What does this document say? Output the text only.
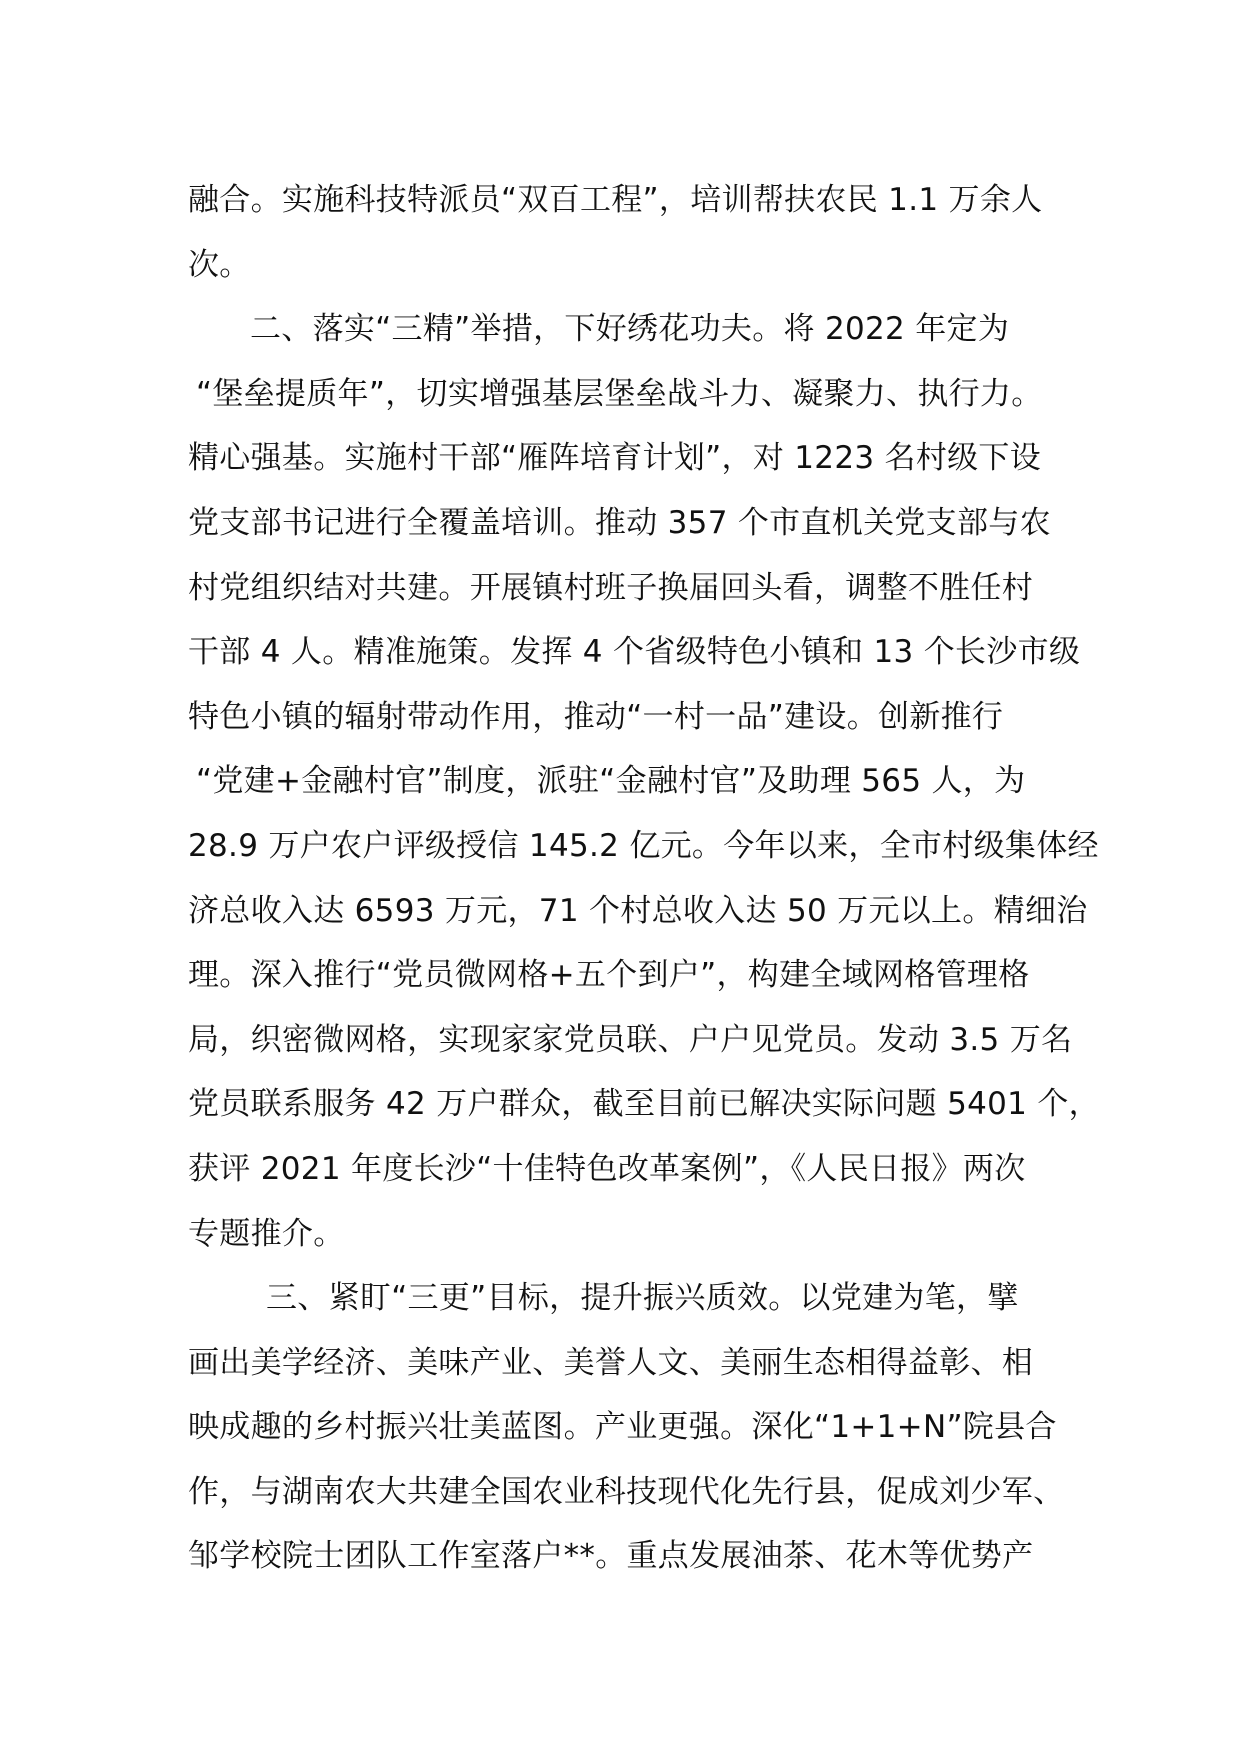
融合。实施科技特派员“双百工程”，培训帮扶农民 1.1 万余人
次。
二、落实“三精”举措，下好绣花功夫。将 2022 年定为
“堡垒提质年”，切实增强基层堡垒战斗力、凝聚力、执行力。
精心强基。实施村干部“雁阵培育计划”，对 1223 名村级下设
党支部书记进行全覆盖培训。推动 357 个市直机关党支部与农
村党组织结对共建。开展镇村班子换届回头看，调整不胜任村
干部 4 人。精准施策。发挥 4 个省级特色小镇和 13 个长沙市级
特色小镇的辐射带动作用，推动“一村一品”建设。创新推行
“党建+金融村官”制度，派驻“金融村官”及助理 565 人，为
28.9 万户农户评级授信 145.2 亿元。今年以来，全市村级集体经
济总收入达 6593 万元，71 个村总收入达 50 万元以上。精细治
理。深入推行“党员微网格+五个到户”，构建全域网格管理格
局，织密微网格，实现家家党员联、户户见党员。发动 3.5 万名
党员联系服务 42 万户群众，截至目前已解决实际问题 5401 个，
获评 2021 年度长沙“十佳特色改革案例”，《人民日报》两次
专题推介。
三、紧盯“三更”目标，提升振兴质效。以党建为笔，擘
画出美学经济、美味产业、美誉人文、美丽生态相得益彰、相
映成趣的乡村振兴壮美蓝图。产业更强。深化“1+1+N”院县合
作，与湖南农大共建全国农业科技现代化先行县，促成刘少军、
邹学校院士团队工作室落户**。重点发展油茶、花木等优势产
